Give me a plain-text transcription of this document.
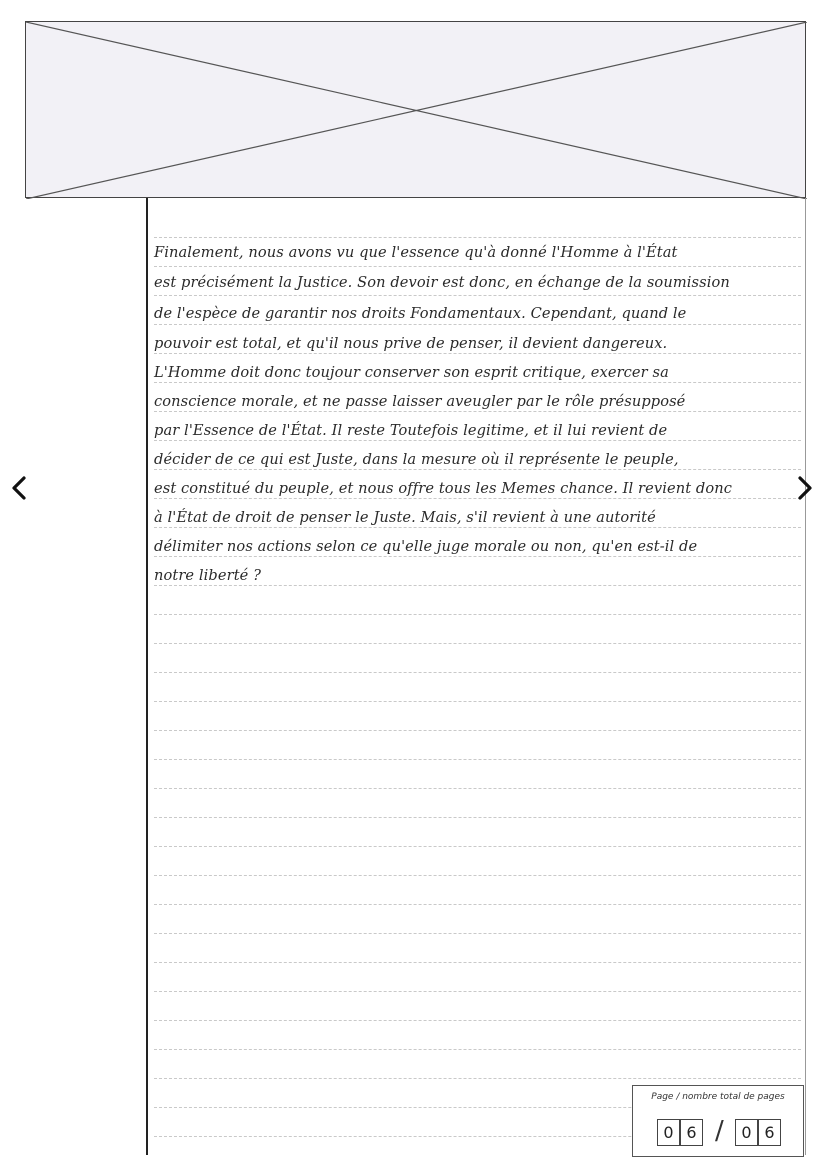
Finalement, nous avons vu que l'essence qu'à donné l'Homme à l'État
est précisément la Justice. Son devoir est donc, en échange de la soumission
de l'espèce de garantir nos droits Fondamentaux. Cependant, quand le
pouvoir est total, et qu'il nous prive de penser, il devient dangereux.
L'Homme doit donc toujour conserver son esprit critique, exercer sa
conscience morale, et ne passe laisser aveugler par le rôle présupposé
par l'Essence de l'État. Il reste Toutefois legitime, et il lui revient de
décider de ce qui est Juste, dans la mesure où il représente le peuple,
est constitué du peuple, et nous offre tous les Memes chance. Il revient donc
à l'État de droit de penser le Juste. Mais, s'il revient à une autorité
délimiter nos actions selon ce qu'elle juge morale ou non, qu'en est-il de
notre liberté ?
Page / nombre total de pages
0 6 /	0 6
